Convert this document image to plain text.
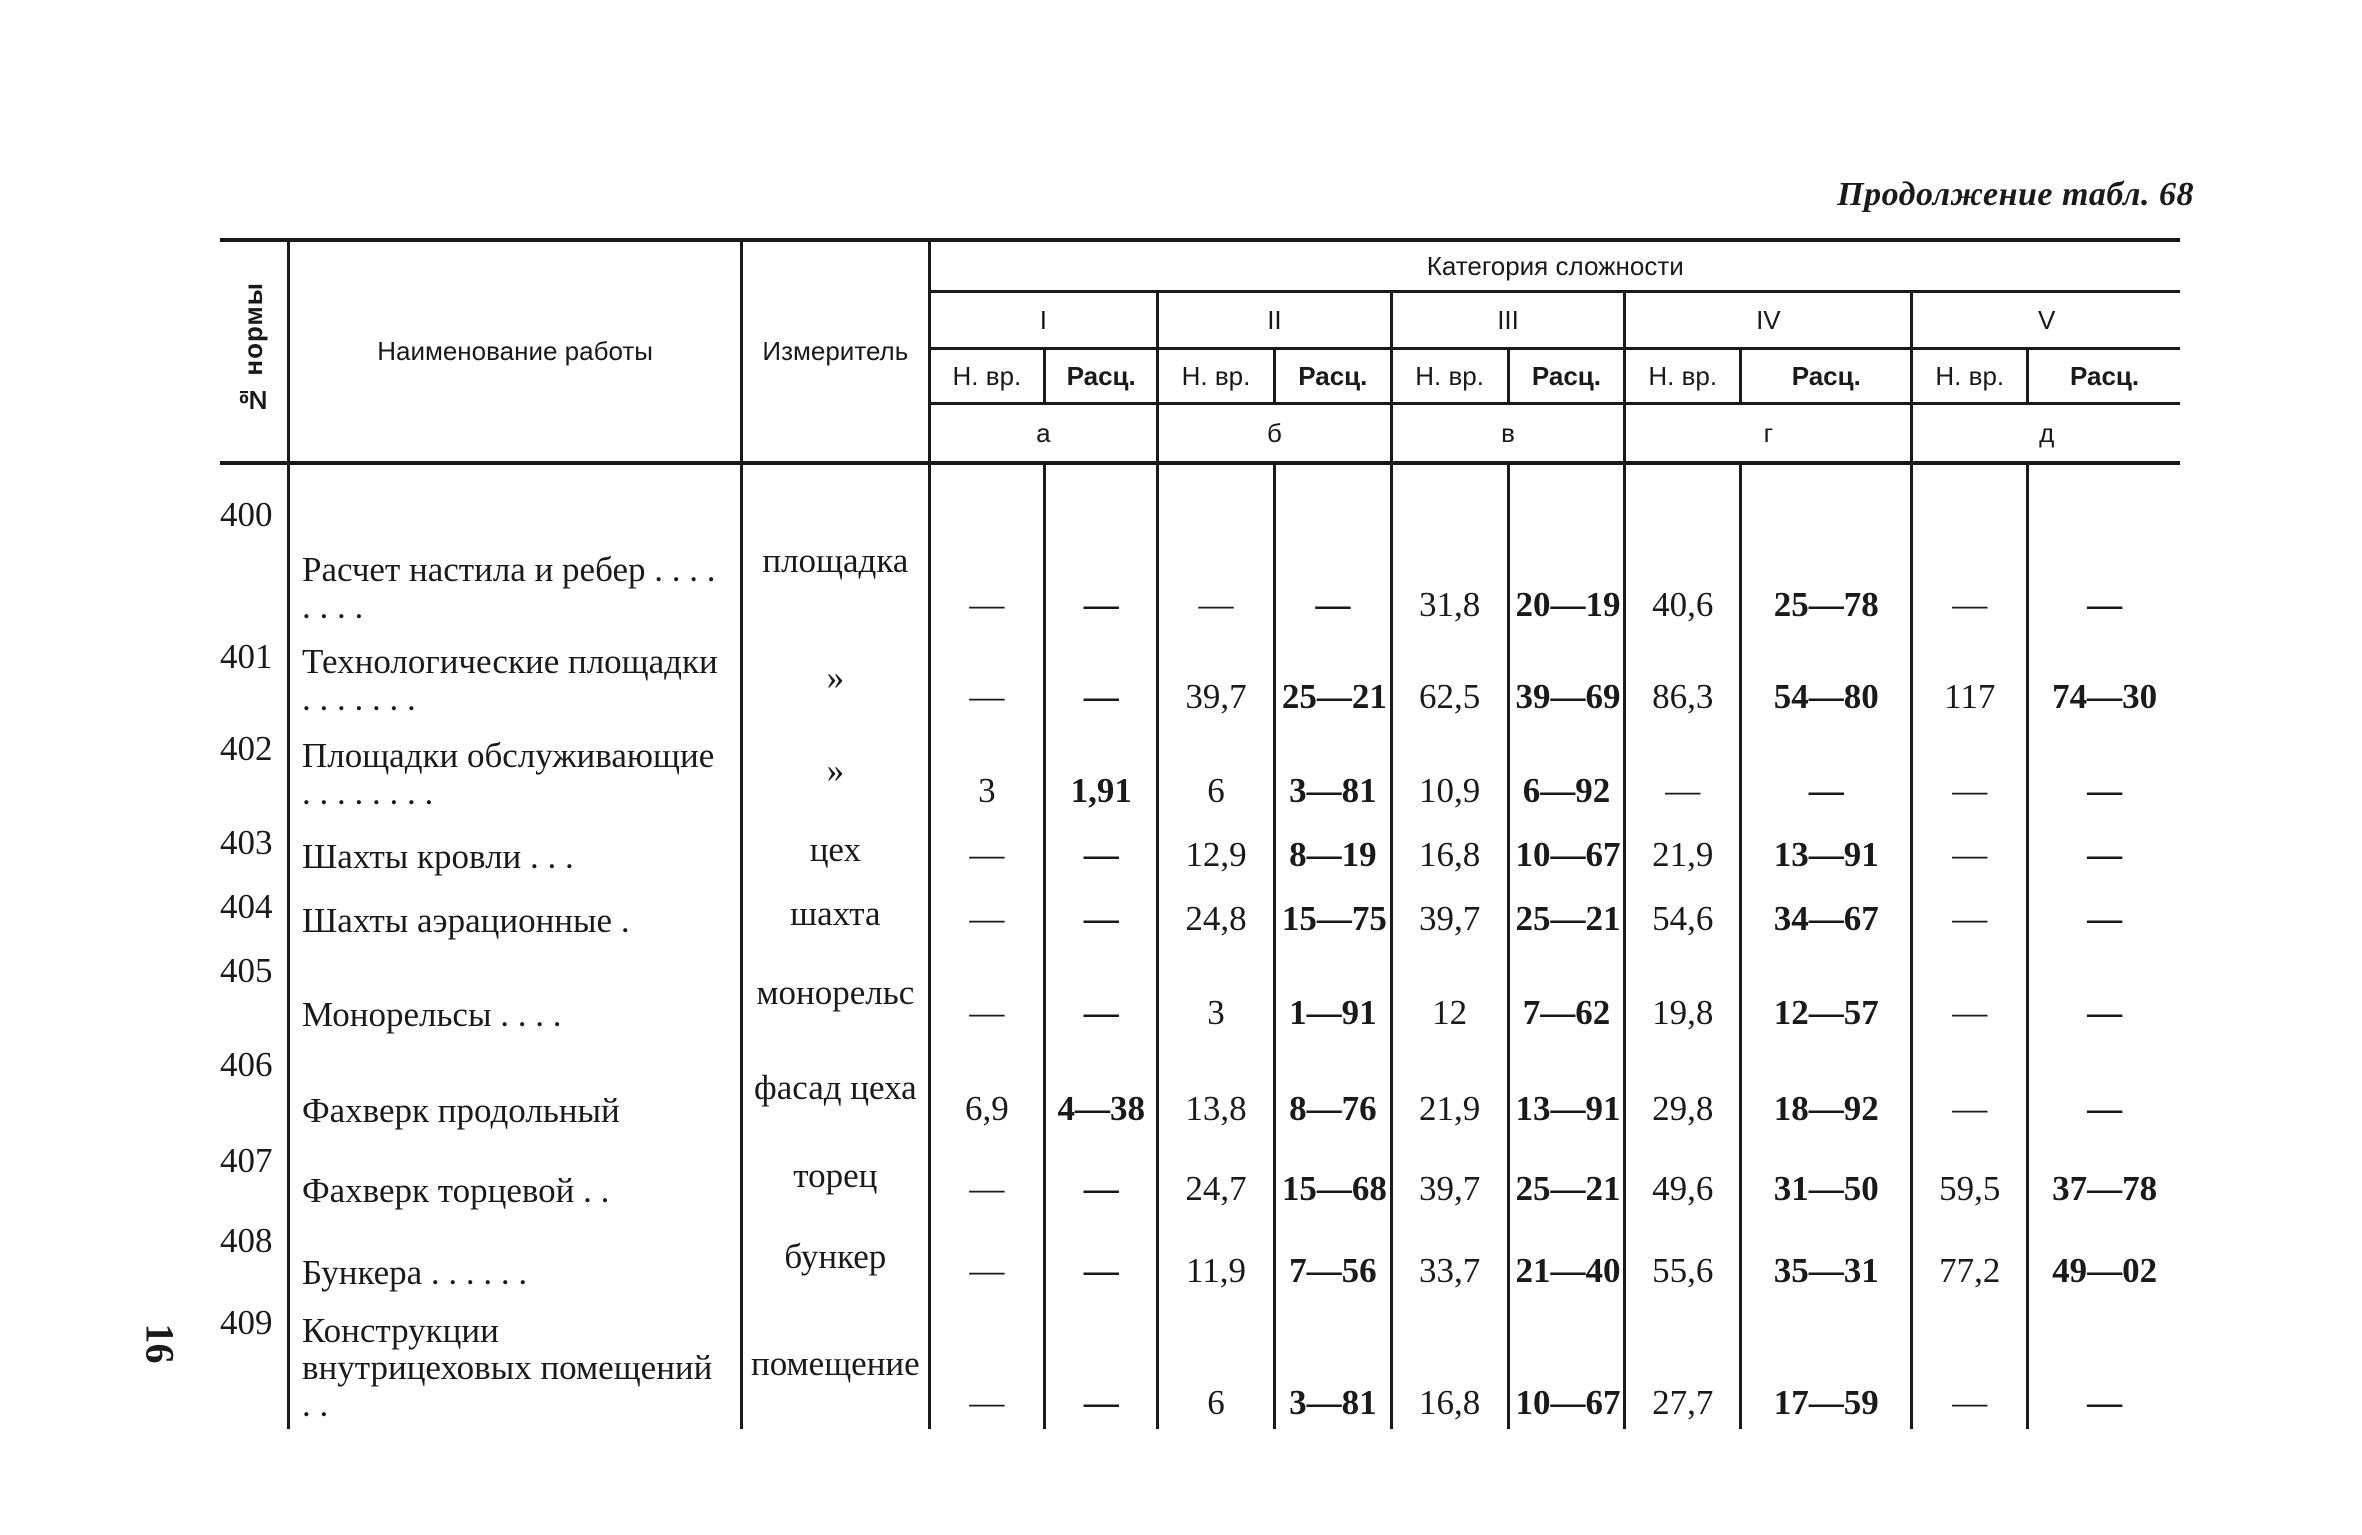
Продолжение табл. 68
16
№ нормы	Наименование работы	Измеритель	Категория сложности									
			I		II		III		IV		V	
			Н. вр.	Расц.	Н. вр.	Расц.	Н. вр.	Расц.	Н. вр.	Расц.	Н. вр.	Расц.
			а		б		в		г		д	
400	Расчет настила и ребер . . . . . . . .	площадка	—	—	—	—	31,8	20—19	40,6	25—78	—	—
401	Технологические площадки . . . . . . .	»	—	—	39,7	25—21	62,5	39—69	86,3	54—80	117	74—30
402	Площадки обслуживающие . . . . . . . .	»	3	1,91	6	3—81	10,9	6—92	—	—	—	—
403	Шахты кровли . . .	цех	—	—	12,9	8—19	16,8	10—67	21,9	13—91	—	—
404	Шахты аэрационные .	шахта	—	—	24,8	15—75	39,7	25—21	54,6	34—67	—	—
405	Монорельсы . . . .	монорельс	—	—	3	1—91	12	7—62	19,8	12—57	—	—
406	Фахверк продольный	фасад цеха	6,9	4—38	13,8	8—76	21,9	13—91	29,8	18—92	—	—
407	Фахверк торцевой . .	торец	—	—	24,7	15—68	39,7	25—21	49,6	31—50	59,5	37—78
408	Бункера . . . . . .	бункер	—	—	11,9	7—56	33,7	21—40	55,6	35—31	77,2	49—02
409	Конструкции внутрицеховых помещений . .	помещение	—	—	6	3—81	16,8	10—67	27,7	17—59	—	—
